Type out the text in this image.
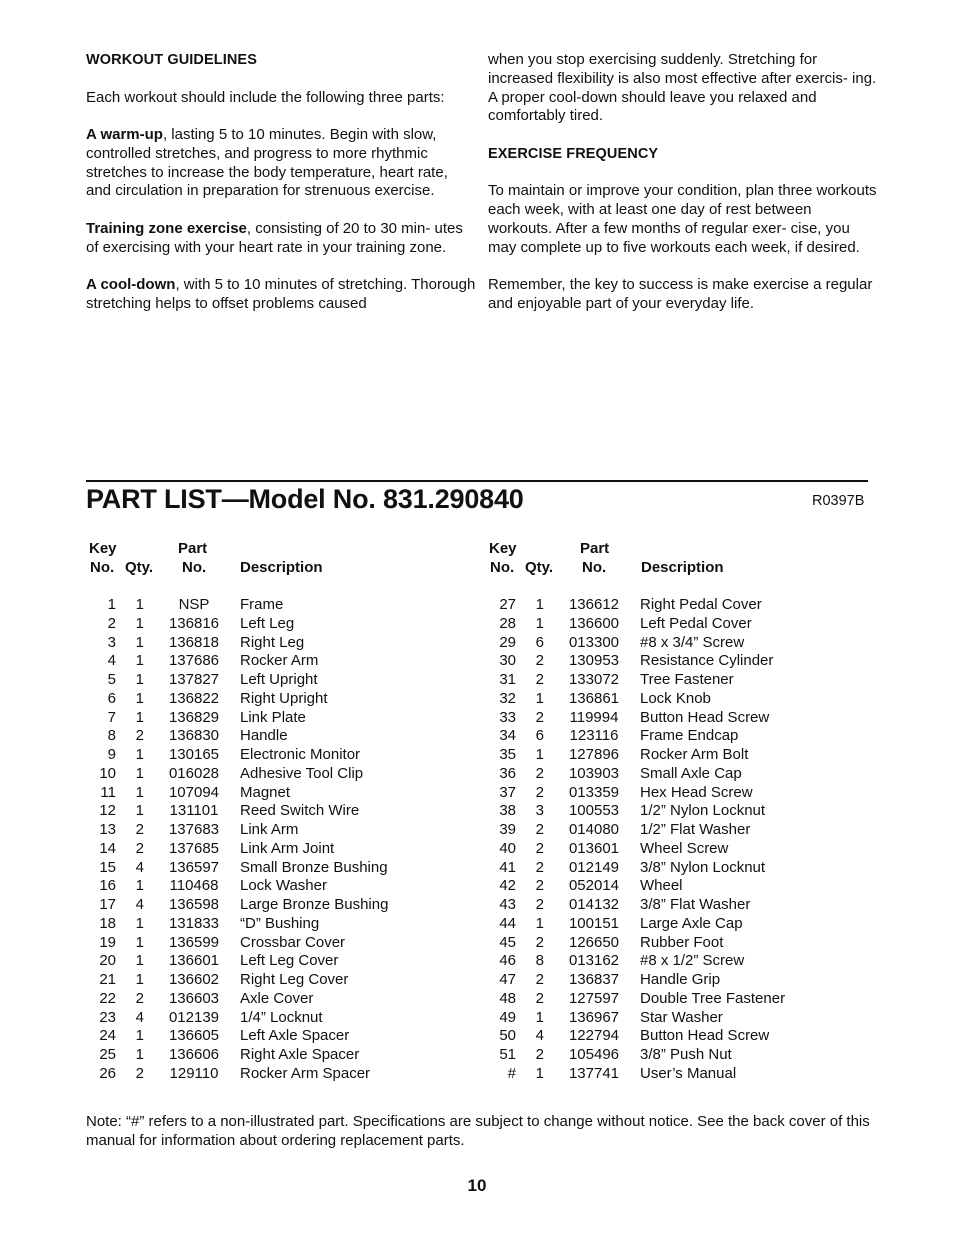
WORKOUT GUIDELINES

Each workout should include the following three parts:

A warm-up, lasting 5 to 10 minutes. Begin with slow, controlled stretches, and progress to more rhythmic stretches to increase the body temperature, heart rate, and circulation in preparation for strenuous exercise.

Training zone exercise, consisting of 20 to 30 min- utes of exercising with your heart rate in your training zone.

A cool-down, with 5 to 10 minutes of stretching. Thorough stretching helps to offset problems caused

when you stop exercising suddenly. Stretching for increased flexibility is also most effective after exercis- ing. A proper cool-down should leave you relaxed and comfortably tired.

EXERCISE FREQUENCY

To maintain or improve your condition, plan three workouts each week, with at least one day of rest between workouts. After a few months of regular exer- cise, you may complete up to five workouts each week, if desired.

Remember, the key to success is make exercise a regular and enjoyable part of your everyday life.

PART LIST—Model No. 831.290840	R0397B
Key
No. Qty.
Part
No. Description
1	1	NSP	Frame
2	1 136816 Left Leg
3	1 136818 Right Leg
4	1 137686 Rocker Arm
5	1 137827 Left Upright
6	1 136822 Right Upright
7	1 136829 Link Plate
8	2 136830 Handle
9	1 130165 Electronic Monitor
10	1 016028 Adhesive Tool Clip
11	1 107094 Magnet
12	1 131101 Reed Switch Wire
13	2 137683 Link Arm
14	2 137685 Link Arm Joint
15	4 136597 Small Bronze Bushing
16	1 110468 Lock Washer
17	4 136598 Large Bronze Bushing
18	1 131833 “D” Bushing
19	1 136599 Crossbar Cover
20	1 136601 Left Leg Cover
21	1 136602 Right Leg Cover
22	2 136603 Axle Cover
23	4 012139 1/4” Locknut
24	1 136605 Left Axle Spacer
25	1 136606 Right Axle Spacer
26	2 129110 Rocker Arm Spacer
Key
No. Qty.
Part
No. Description
27	1 136612 Right Pedal Cover
28	1 136600 Left Pedal Cover
29	6 013300 #8 x 3/4” Screw
30	2 130953 Resistance Cylinder
31	2 133072 Tree Fastener
32	1 136861 Lock Knob
33	2 119994 Button Head Screw
34	6 123116 Frame Endcap
35	1 127896 Rocker Arm Bolt
36	2 103903 Small Axle Cap
37	2 013359 Hex Head Screw
38	3 100553 1/2” Nylon Locknut
39	2 014080 1/2” Flat Washer
40	2 013601 Wheel Screw
41	2 012149 3/8” Nylon Locknut
42	2 052014 Wheel
43	2 014132 3/8” Flat Washer
44	1 100151 Large Axle Cap
45	2 126650 Rubber Foot
46	8 013162 #8 x 1/2” Screw
47	2 136837 Handle Grip
48	2 127597 Double Tree Fastener
49	1 136967 Star Washer
50	4 122794 Button Head Screw
51	2 105496 3/8” Push Nut
#	1 137741 User’s Manual
Note: “#” refers to a non-illustrated part. Specifications are subject to change without notice. See the back cover of this manual for information about ordering replacement parts.
10
